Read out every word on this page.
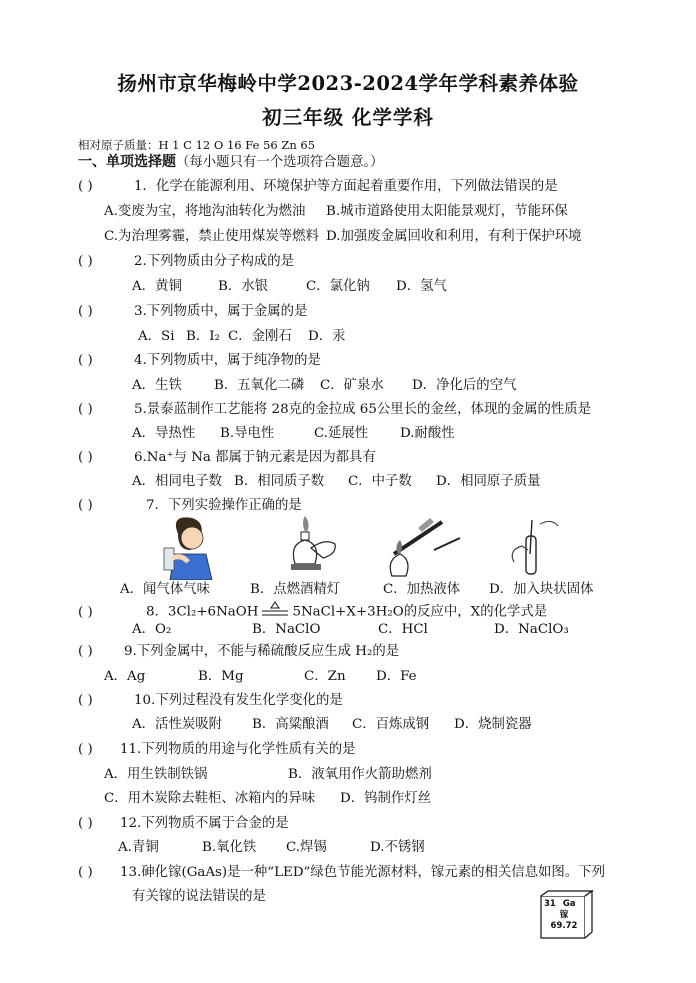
扬州市京华梅岭中学2023-2024学年学科素养体验
初三年级 化学学科
相对原子质量：H 1 C 12 O 16 Fe 56 Zn 65
一、单项选择题（每小题只有一个选项符合题意。）
( )	1．化学在能源利用、环境保护等方面起着重要作用，下列做法错误的是
A.变废为宝，将地沟油转化为燃油 B.城市道路使用太阳能景观灯，节能环保
C.为治理雾霾，禁止使用煤炭等燃料 D.加强废金属回收和利用，有利于保护环境
( )	2.下列物质由分子构成的是
A．黄铜	B．水银	C．氯化钠 D．氢气
( )	3.下列物质中，属于金属的是
A．Si B．I₂ C．金刚石 D．汞
( )	4.下列物质中，属于纯净物的是
A．生铁 B．五氧化二磷 C．矿泉水 D．净化后的空气
( )	5.景泰蓝制作工艺能将 28克的金拉成 65公里长的金丝，体现的金属的性质是
A．导热性 B.导电性	C.延展性 D.耐酸性
( )	6.Na⁺与 Na 都属于钠元素是因为都具有
A．相同电子数 B．相同质子数 C．中子数 D．相同原子质量
( )	7．下列实验操作正确的是
A．闻气体气味	B．点燃酒精灯	C．加热液体 D．加入块状固体
( )	8．3Cl₂+6NaOH	5NaCl+X+3H₂O的反应中，X的化学式是
A．O₂	B．NaClO	C．HCl	D．NaClO₃
( ) 9.下列金属中，不能与稀硫酸反应生成 H₂的是
A．Ag	B．Mg	C．Zn D．Fe
( )	10.下列过程没有发生化学变化的是
A．活性炭吸附 B．高粱酿酒 C．百炼成钢 D．烧制瓷器
( ) 11.下列物质的用途与化学性质有关的是
A．用生铁制铁锅	B．液氧用作火箭助燃剂
C．用木炭除去鞋柜、冰箱内的异味 D．钨制作灯丝
( ) 12.下列物质不属于合金的是
A.青铜	B.氧化铁 C.焊锡	D.不锈钢
( ) 13.砷化镓(GaAs)是一种“LED”绿色节能光源材料，镓元素的相关信息如图。下列
有关镓的说法错误的是	31 Ga
镓
69.72
